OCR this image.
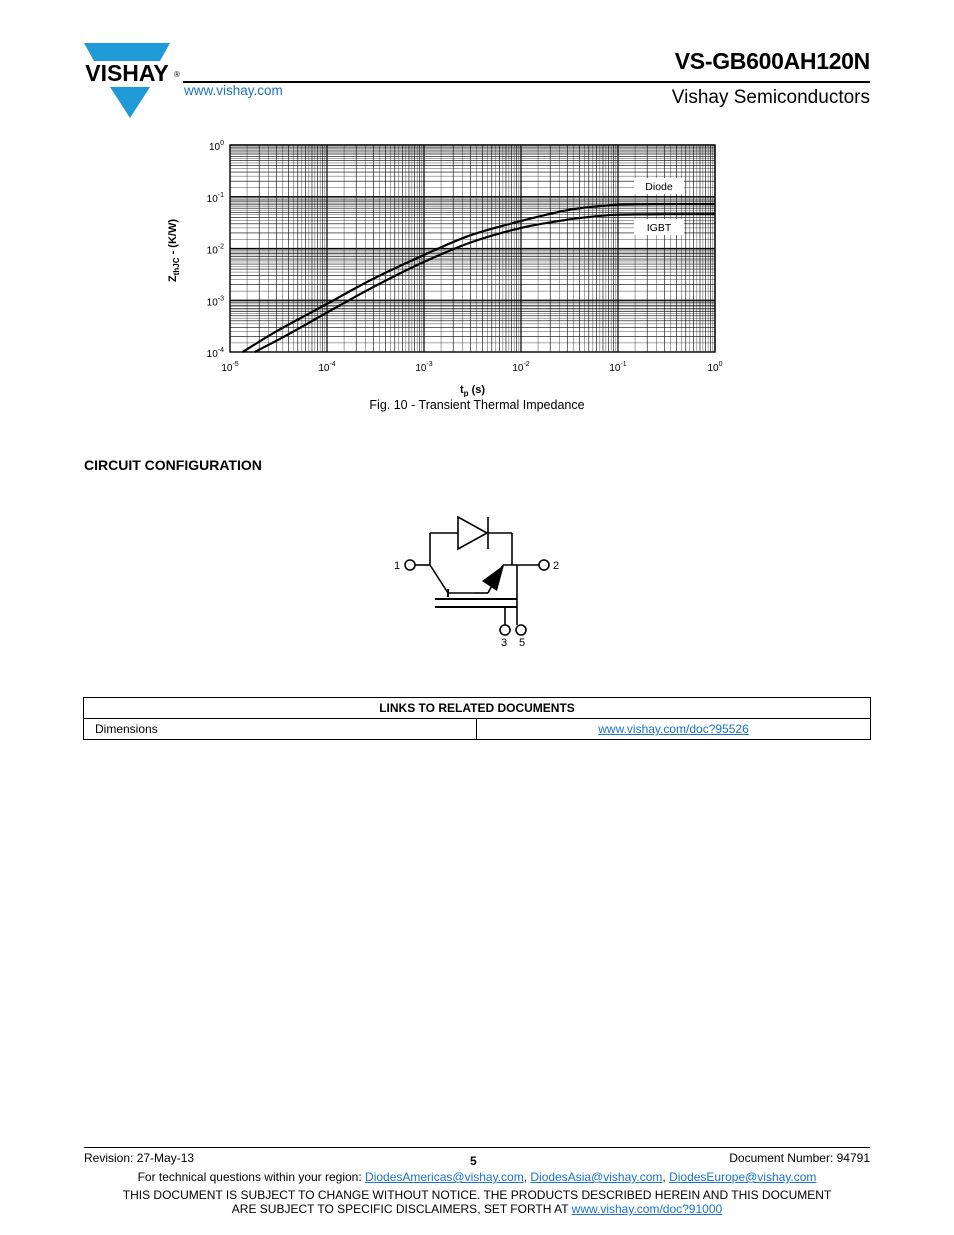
VISHAY ®
VS-GB600AH120N
www.vishay.com	Vishay Semiconductors
Diode
IGBT
$10^{-5}$	$10^{-4}$	$10^{-3}$	$10^{-2}$	$10^{-1}$	$10^0$
$10^0$
$10^{-1}$
$10^{-2}$
$10^{-3}$
$10^{-4}$
$t_p$ (s)
$Z_{thJC} - (K/W)$
Fig. 10 - Transient Thermal Impedance
CIRCUIT CONFIGURATION
1	2
3 5
LINKS TO RELATED DOCUMENTS
Dimensions	www.vishay.com/doc?95526
Revision: 27-May-13	5	Document Number: 94791
For technical questions within your region: DiodesAmericas@vishay.com, DiodesAsia@vishay.com, DiodesEurope@vishay.com
THIS DOCUMENT IS SUBJECT TO CHANGE WITHOUT NOTICE. THE PRODUCTS DESCRIBED HEREIN AND THIS DOCUMENT
ARE SUBJECT TO SPECIFIC DISCLAIMERS, SET FORTH AT www.vishay.com/doc?91000
